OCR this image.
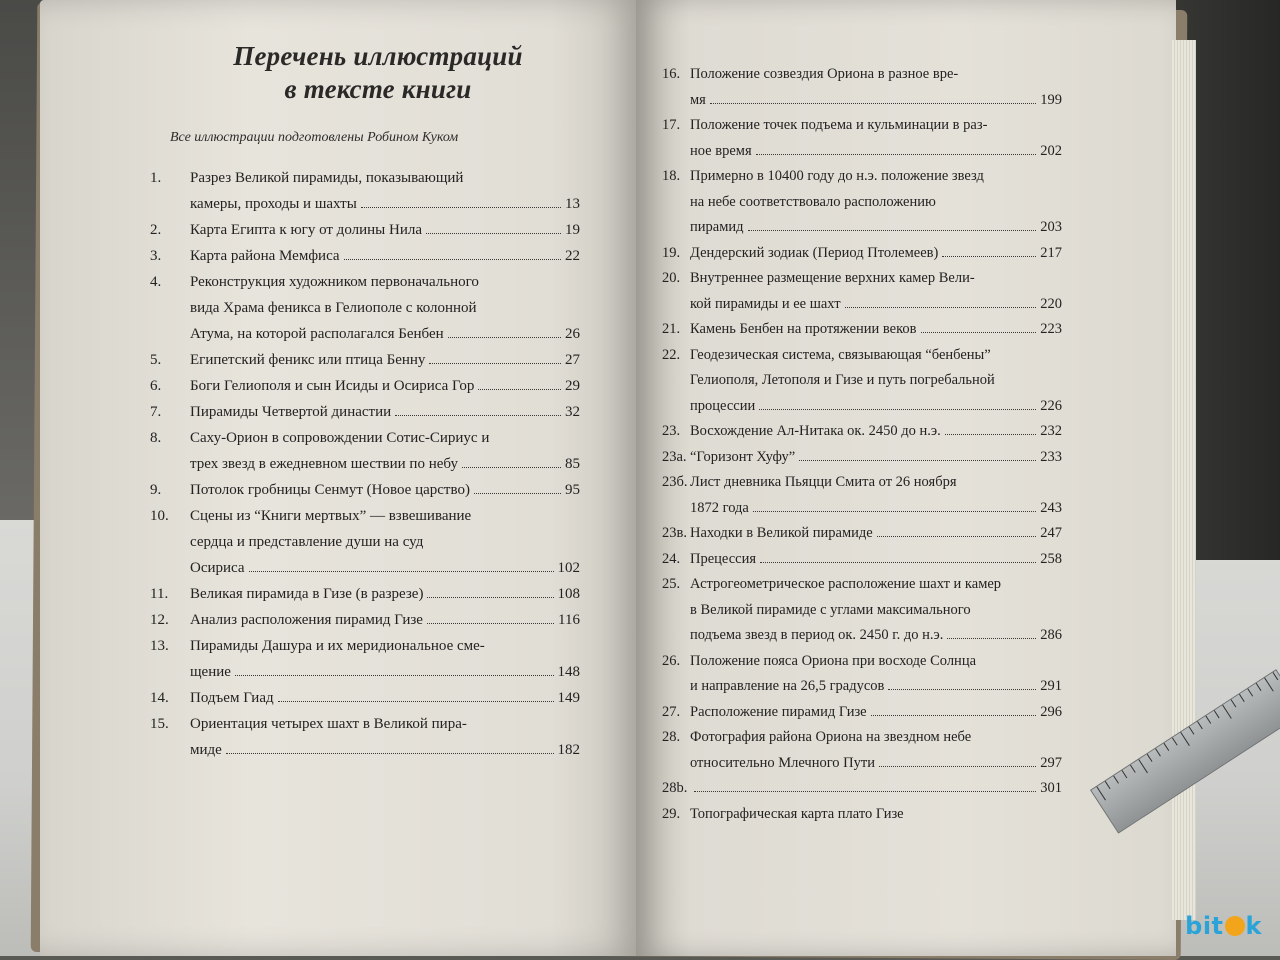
Перечень иллюстраций
в тексте книги
Все иллюстрации подготовлены Робином Куком
1.	Разрез Великой пирамиды, показывающий
камеры, проходы и шахты	13
2.	Карта Египта к югу от долины Нила	19
3.	Карта района Мемфиса	22
4.	Реконструкция художником первоначального
вида Храма феникса в Гелиополе с колонной
Атума, на которой располагался Бенбен	26
5.	Египетский феникс или птица Бенну	27
6.	Боги Гелиополя и сын Исиды и Осириса Гор	29
7.	Пирамиды Четвертой династии	32
8.	Саху-Орион в сопровождении Сотис-Сириус и
трех звезд в ежедневном шествии по небу	85
9.	Потолок гробницы Сенмут (Новое царство)	95
10.	Сцены из “Книги мертвых” — взвешивание
сердца и представление души на суд
Осириса	102
11.	Великая пирамида в Гизе (в разрезе)	108
12.	Анализ расположения пирамид Гизе	116
13.	Пирамиды Дашура и их меридиональное сме-
щение	148
14.	Подъем Гиад	149
15.	Ориентация четырех шахт в Великой пира-
миде	182
16. Положение созвездия Ориона в разное вре-
мя	199
17. Положение точек подъема и кульминации в раз-
ное время	202
18. Примерно в 10400 году до н.э. положение звезд
на небе соответствовало расположению
пирамид	203
19. Дендерский зодиак (Период Птолемеев)	217
20. Внутреннее размещение верхних камер Вели-
кой пирамиды и ее шахт	220
21. Камень Бенбен на протяжении веков	223
22. Геодезическая система, связывающая “бенбены”
Гелиополя, Летополя и Гизе и путь погребальной
процессии	226
23. Восхождение Ал-Нитака ок. 2450 до н.э.	232
23а. “Горизонт Хуфу”	233
23б. Лист дневника Пьяцци Смита от 26 ноября
1872 года	243
23в. Находки в Великой пирамиде	247
24. Прецессия	258
25. Астрогеометрическое расположение шахт и камер
в Великой пирамиде с углами максимального
подъема звезд в период ок. 2450 г. до н.э.	286
26. Положение пояса Ориона при восходе Солнца
и направление на 26,5 градусов	291
27. Расположение пирамид Гизе	296
28. Фотография района Ориона на звездном небе
относительно Млечного Пути	297
28b.	301
29. Топографическая карта плато Гизе
bit k
